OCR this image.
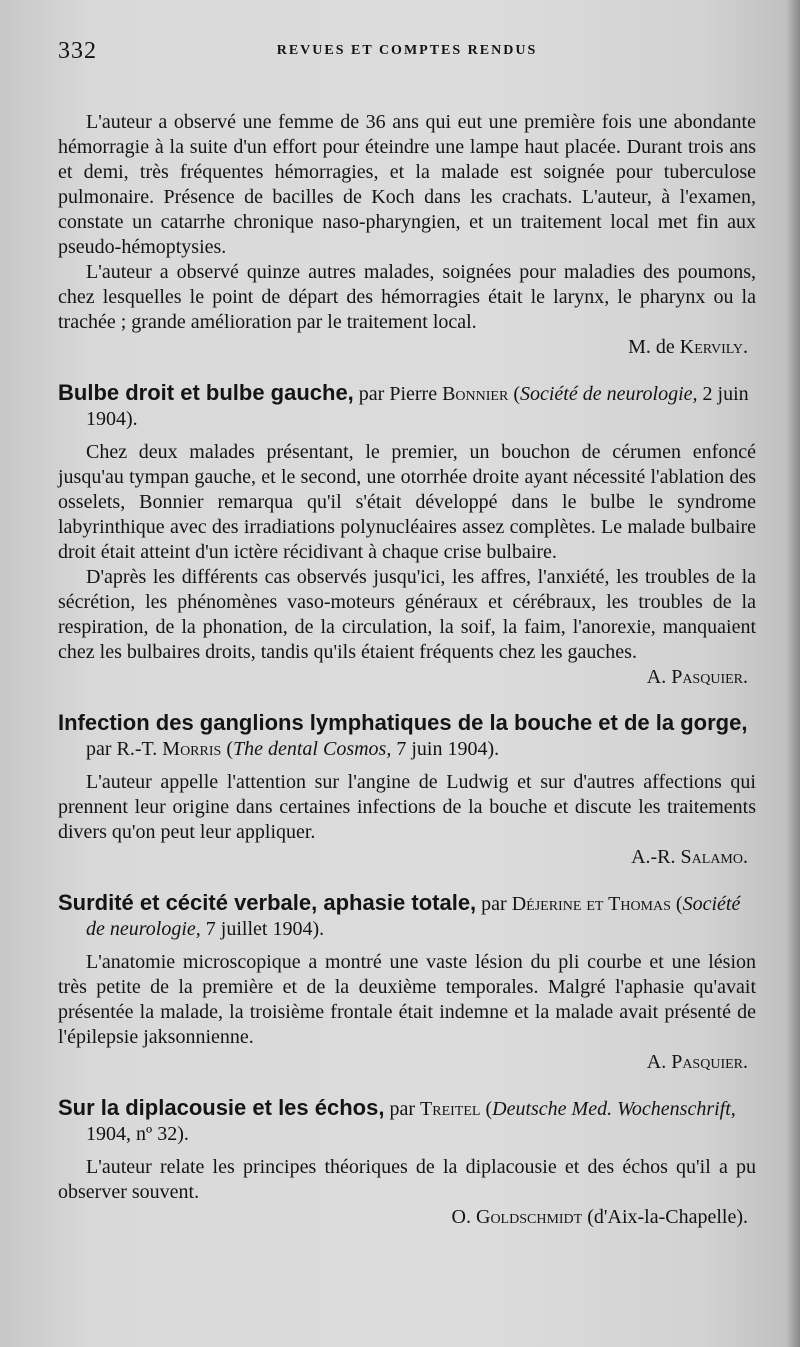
332	REVUES ET COMPTES RENDUS

L'auteur a observé une femme de 36 ans qui eut une première fois une abondante hémorragie à la suite d'un effort pour éteindre une lampe haut placée. Durant trois ans et demi, très fréquentes hémorragies, et la malade est soignée pour tuberculose pulmonaire. Présence de bacilles de Koch dans les crachats. L'auteur, à l'examen, constate un catarrhe chronique naso-pharyngien, et un traitement local met fin aux pseudo-hémoptysies.

L'auteur a observé quinze autres malades, soignées pour maladies des poumons, chez lesquelles le point de départ des hémorragies était le larynx, le pharynx ou la trachée ; grande amélioration par le traitement local.

M. de Kervily.
Bulbe droit et bulbe gauche, par Pierre Bonnier (Société de neurologie, 2 juin 1904).

Chez deux malades présentant, le premier, un bouchon de cérumen enfoncé jusqu'au tympan gauche, et le second, une otorrhée droite ayant nécessité l'ablation des osselets, Bonnier remarqua qu'il s'était développé dans le bulbe le syndrome labyrinthique avec des irradiations polynucléaires assez complètes. Le malade bulbaire droit était atteint d'un ictère récidivant à chaque crise bulbaire.

D'après les différents cas observés jusqu'ici, les affres, l'anxiété, les troubles de la sécrétion, les phénomènes vaso-moteurs généraux et cérébraux, les troubles de la respiration, de la phonation, de la circulation, la soif, la faim, l'anorexie, manquaient chez les bulbaires droits, tandis qu'ils étaient fréquents chez les gauches.

A. Pasquier.
Infection des ganglions lymphatiques de la bouche et de la gorge, par R.-T. Morris (The dental Cosmos, 7 juin 1904).

L'auteur appelle l'attention sur l'angine de Ludwig et sur d'autres affections qui prennent leur origine dans certaines infections de la bouche et discute les traitements divers qu'on peut leur appliquer.

A.-R. Salamo.
Surdité et cécité verbale, aphasie totale, par Déjerine et Thomas (Société de neurologie, 7 juillet 1904).

L'anatomie microscopique a montré une vaste lésion du pli courbe et une lésion très petite de la première et de la deuxième temporales. Malgré l'aphasie qu'avait présentée la malade, la troisième frontale était indemne et la malade avait présenté de l'épilepsie jaksonnienne.

A. Pasquier.
Sur la diplacousie et les échos, par Treitel (Deutsche Med. Wochenschrift, 1904, nº 32).

L'auteur relate les principes théoriques de la diplacousie et des échos qu'il a pu observer souvent.

O. Goldschmidt (d'Aix-la-Chapelle).
